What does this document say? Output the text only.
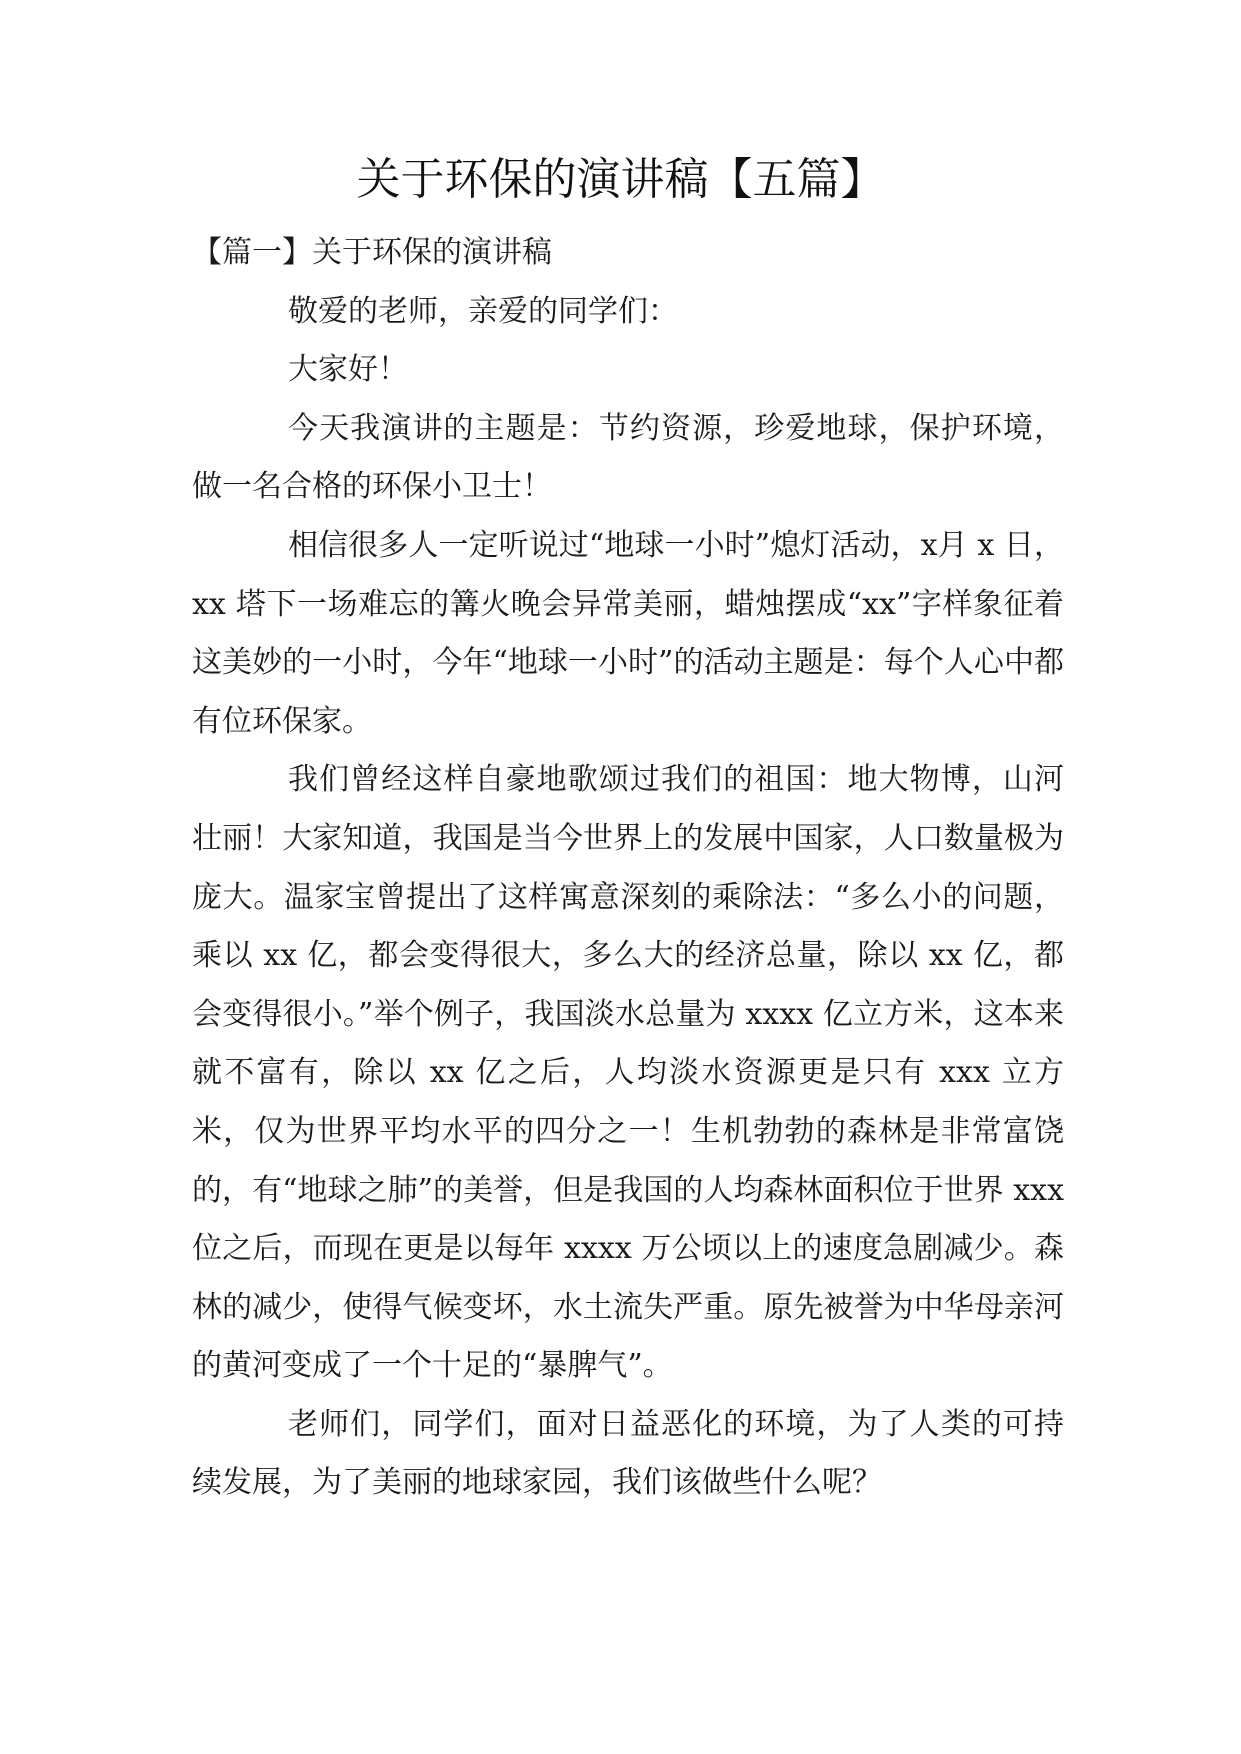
关于环保的演讲稿【五篇】

【篇一】关于环保的演讲稿

敬爱的老师，亲爱的同学们：

大家好！

今天我演讲的主题是：节约资源，珍爱地球，保护环境，做一名合格的环保小卫士！

相信很多人一定听说过“地球一小时”熄灯活动，x月 x 日，xx 塔下一场难忘的篝火晚会异常美丽，蜡烛摆成“xx”字样象征着这美妙的一小时，今年“地球一小时”的活动主题是：每个人心中都有位环保家。

我们曾经这样自豪地歌颂过我们的祖国：地大物博，山河壮丽！大家知道，我国是当今世界上的发展中国家，人口数量极为庞大。温家宝曾提出了这样寓意深刻的乘除法：“多么小的问题，乘以 xx 亿，都会变得很大，多么大的经济总量，除以 xx 亿，都会变得很小。”举个例子，我国淡水总量为 xxxx 亿立方米，这本来就不富有，除以 xx 亿之后，人均淡水资源更是只有 xxx 立方米，仅为世界平均水平的四分之一！生机勃勃的森林是非常富饶的，有“地球之肺”的美誉，但是我国的人均森林面积位于世界 xxx 位之后，而现在更是以每年 xxxx 万公顷以上的速度急剧减少。森林的减少，使得气候变坏，水土流失严重。原先被誉为中华母亲河的黄河变成了一个十足的“暴脾气”。

老师们，同学们，面对日益恶化的环境，为了人类的可持续发展，为了美丽的地球家园，我们该做些什么呢？
